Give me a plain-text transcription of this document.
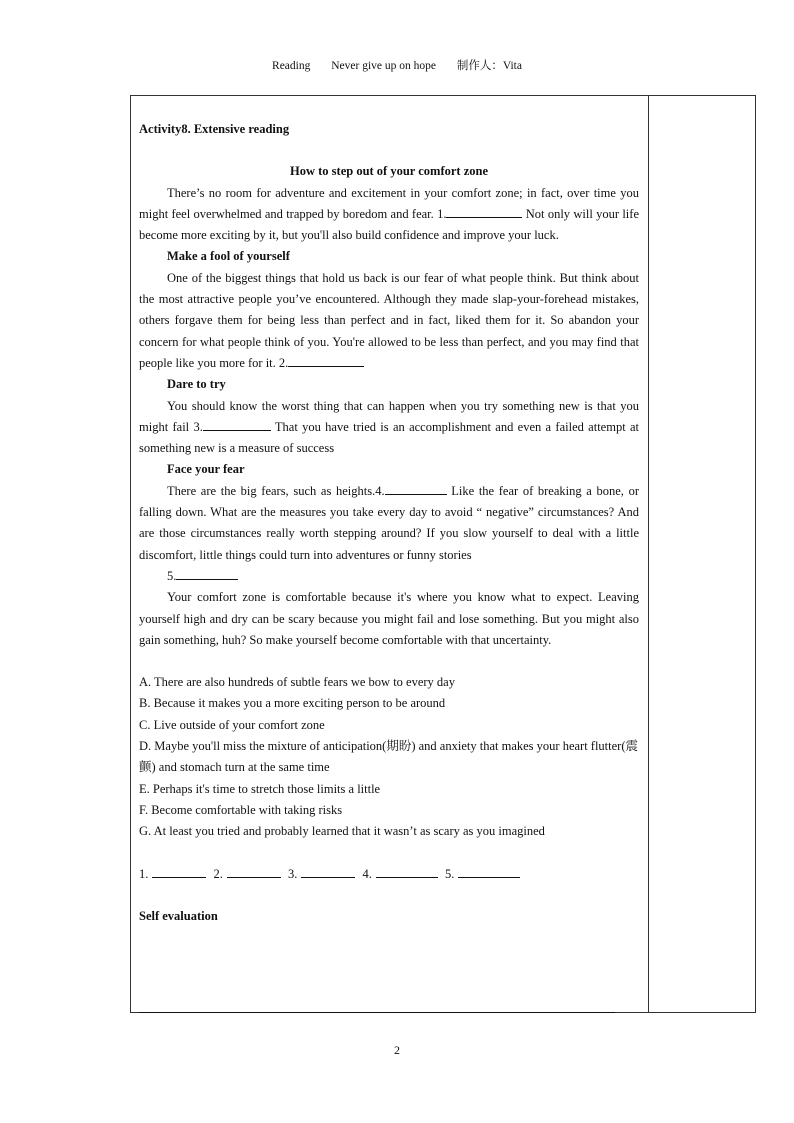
Reading Never give up on hope 制作人：Vita

Activity8. Extensive reading

How to step out of your comfort zone

There’s no room for adventure and excitement in your comfort zone; in fact, over time you might feel overwhelmed and trapped by boredom and fear. 1.	Not only will your life become more exciting by it, but you'll also build confidence and improve your luck.

Make a fool of yourself

One of the biggest things that hold us back is our fear of what people think. But think about the most attractive people you’ve encountered. Although they made slap-your-forehead mistakes, others forgave them for being less than perfect and in fact, liked them for it. So abandon your concern for what people think of you. You're allowed to be less than perfect, and you may find that people like you more for it. 2.

Dare to try

You should know the worst thing that can happen when you try something new is that you might fail 3.	That you have tried is an accomplishment and even a failed attempt at something new is a measure of success

Face your fear

There are the big fears, such as heights.4.	Like the fear of breaking a bone, or falling down. What are the measures you take every day to avoid “ negative” circumstances? And are those circumstances really worth stepping around? If you slow yourself to deal with a little discomfort, little things could turn into adventures or funny stories

5.

Your comfort zone is comfortable because it's where you know what to expect. Leaving yourself high and dry can be scary because you might fail and lose something. But you might also gain something, huh? So make yourself become comfortable with that uncertainty.

A. There are also hundreds of subtle fears we bow to every day

B. Because it makes you a more exciting person to be around

C. Live outside of your comfort zone

D. Maybe you'll miss the mixture of anticipation(期盼) and anxiety that makes your heart flutter(震颤) and stomach turn at the same time

E. Perhaps it's time to stretch those limits a little

F. Become comfortable with taking risks

G. At least you tried and probably learned that it wasn’t as scary as you imagined

1.	2.	3.	4.	5.

Self evaluation

2
